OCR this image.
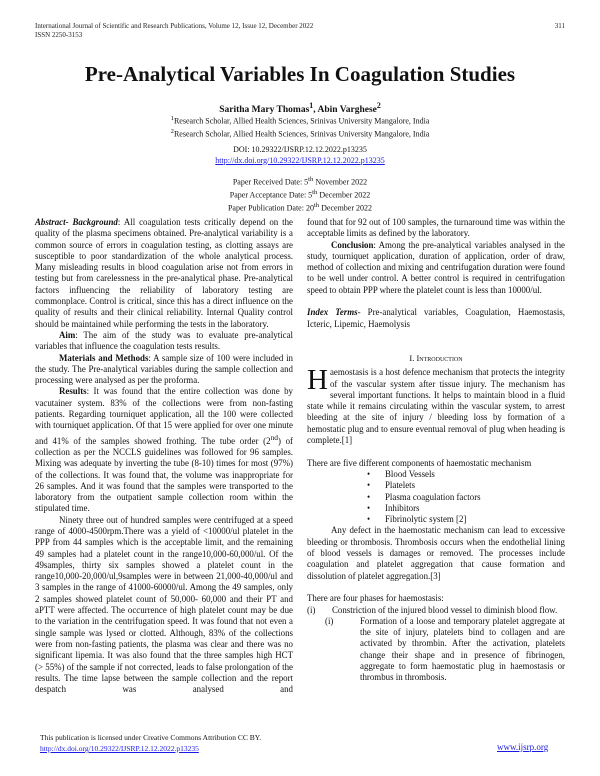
International Journal of Scientific and Research Publications, Volume 12, Issue 12, December 2022
ISSN 2250-3153
311
Pre-Analytical Variables In Coagulation Studies
Saritha Mary Thomas$^1$, Abin Varghese$^2$
$^1$Research Scholar, Allied Health Sciences, Srinivas University Mangalore, India
$^2$Research Scholar, Allied Health Sciences, Srinivas University Mangalore, India
DOI: 10.29322/IJSRP.12.12.2022.p13235
http://dx.doi.org/10.29322/IJSRP.12.12.2022.p13235
Paper Received Date: 5th November 2022
Paper Acceptance Date: 5th December 2022
Paper Publication Date: 20th December 2022

Abstract- Background: All coagulation tests critically depend on the quality of the plasma specimens obtained. Pre-analytical variability is a common source of errors in coagulation testing, as clotting assays are susceptible to poor standardization of the whole analytical process. Many misleading results in blood coagulation arise not from errors in testing but from carelessness in the pre-analytical phase. Pre-analytical factors influencing the reliability of laboratory testing are commonplace. Control is critical, since this has a direct influence on the quality of results and their clinical reliability. Internal Quality control should be maintained while performing the tests in the laboratory.

Aim: The aim of the study was to evaluate pre-analytical variables that influence the coagulation tests results.

Materials and Methods: A sample size of 100 were included in the study. The Pre-analytical variables during the sample collection and processing were analysed as per the proforma.

Results: It was found that the entire collection was done by vacutainer system. 83% of the collections were from non-fasting patients. Regarding tourniquet application, all the 100 were collected with tourniquet application. Of that 15 were applied for over one minute and 41% of the samples showed frothing. The tube order (2nd) of collection as per the NCCLS guidelines was followed for 96 samples. Mixing was adequate by inverting the tube (8-10) times for most (97%) of the collections. It was found that, the volume was inappropriate for 26 samples. And it was found that the samples were transported to the laboratory from the outpatient sample collection room within the stipulated time.

Ninety three out of hundred samples were centrifuged at a speed range of 4000-4500rpm.There was a yield of <10000/ul platelet in the PPP from 44 samples which is the acceptable limit, and the remaining 49 samples had a platelet count in the range10,000-60,000/ul. Of the 49samples, thirty six samples showed a platelet count in the range10,000-20,000/ul,9samples were in between 21,000-40,000/ul and 3 samples in the range of 41000-60000/ul. Among the 49 samples, only 2 samples showed platelet count of 50,000- 60,000 and their PT and aPTT were affected. The occurrence of high platelet count may be due to the variation in the centrifugation speed. It was found that not even a single sample was lysed or clotted. Although, 83% of the collections were from non-fasting patients, the plasma was clear and there was no significant lipemia. It was also found that the three samples high HCT (> 55%) of the sample if not corrected, leads to false prolongation of the results. The time lapse between the sample collection and the report despatch was analysed and

found that for 92 out of 100 samples, the turnaround time was within the acceptable limits as defined by the laboratory.

Conclusion: Among the pre-analytical variables analysed in the study, tourniquet application, duration of application, order of draw, method of collection and mixing and centrifugation duration were found to be well under control. A better control is required in centrifugation speed to obtain PPP where the platelet count is less than 10000/ul.

Index Terms- Pre-analytical variables, Coagulation, Haemostasis, Icteric, Lipemic, Haemolysis

I. Introduction

Haemostasis is a host defence mechanism that protects the integrity of the vascular system after tissue injury. The mechanism has several important functions. It helps to maintain blood in a fluid state while it remains circulating within the vascular system, to arrest bleeding at the site of injury / bleeding loss by formation of a hemostatic plug and to ensure eventual removal of plug when heading is complete.[1]

There are five different components of haemostatic mechanism

• Blood Vessels
• Platelets
• Plasma coagulation factors
• Inhibitors
• Fibrinolytic system [2]

Any defect in the haemostatic mechanism can lead to excessive bleeding or thrombosis. Thrombosis occurs when the endothelial lining of blood vessels is damages or removed. The processes include coagulation and platelet aggregation that cause formation and dissolution of platelet aggregation.[3]

There are four phases for haemostasis:

(i) Constriction of the injured blood vessel to diminish blood flow.
(i)	Formation of a loose and temporary platelet aggregate at the site of injury, platelets bind to collagen and are activated by thrombin. After the activation, platelets change their shape and in presence of fibrinogen, aggregate to form haemostatic plug in haemostasis or thrombus in thrombosis.
This publication is licensed under Creative Commons Attribution CC BY.
http://dx.doi.org/10.29322/IJSRP.12.12.2022.p13235	www.ijsrp.org
